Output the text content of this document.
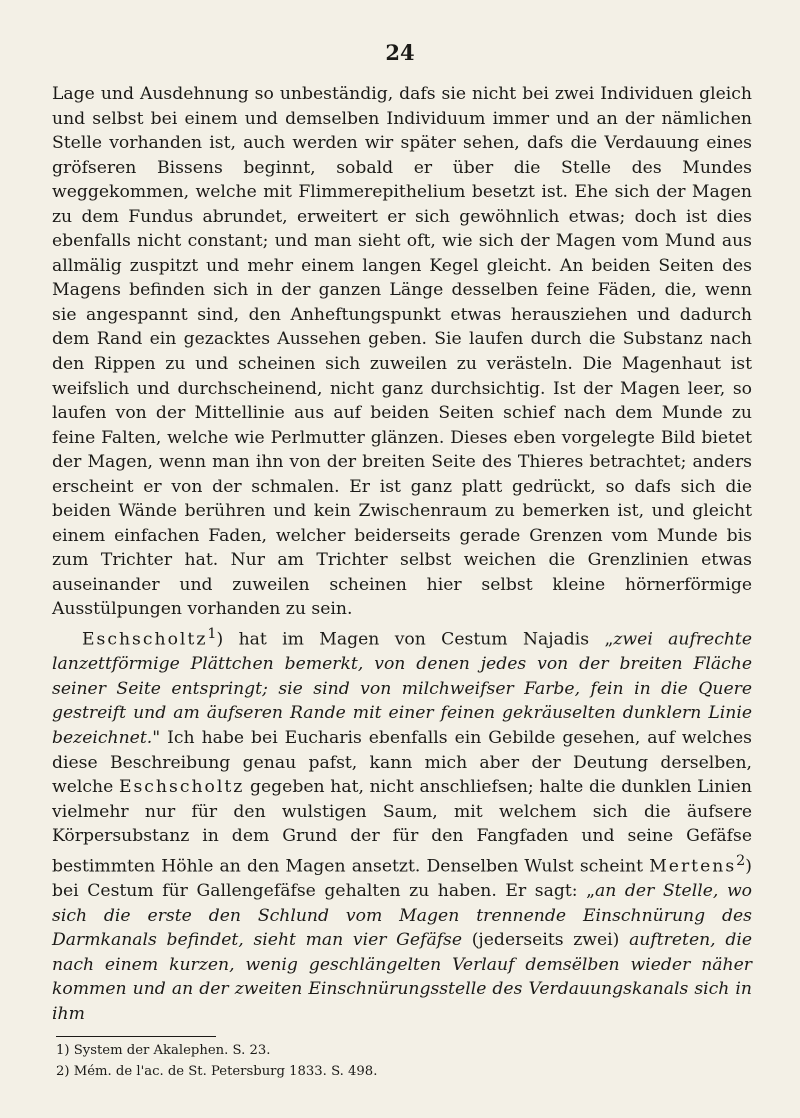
24

Lage und Ausdehnung so unbeständig, dafs sie nicht bei zwei Individuen gleich und selbst bei einem und demselben Individuum immer und an der nämlichen Stelle vorhanden ist, auch werden wir später sehen, dafs die Verdauung eines gröfseren Bissens beginnt, sobald er über die Stelle des Mundes weggekommen, welche mit Flimmerepithelium besetzt ist. Ehe sich der Magen zu dem Fundus abrundet, erweitert er sich gewöhnlich etwas; doch ist dies ebenfalls nicht constant; und man sieht oft, wie sich der Magen vom Mund aus allmälig zuspitzt und mehr einem langen Kegel gleicht. An beiden Seiten des Magens befinden sich in der ganzen Länge desselben feine Fäden, die, wenn sie angespannt sind, den Anheftungspunkt etwas herausziehen und dadurch dem Rand ein gezacktes Aussehen geben. Sie laufen durch die Substanz nach den Rippen zu und scheinen sich zuweilen zu verästeln. Die Magenhaut ist weifslich und durchscheinend, nicht ganz durchsichtig. Ist der Magen leer, so laufen von der Mittellinie aus auf beiden Seiten schief nach dem Munde zu feine Falten, welche wie Perlmutter glänzen. Dieses eben vorgelegte Bild bietet der Magen, wenn man ihn von der breiten Seite des Thieres betrachtet; anders erscheint er von der schmalen. Er ist ganz platt gedrückt, so dafs sich die beiden Wände berühren und kein Zwischenraum zu bemerken ist, und gleicht einem einfachen Faden, welcher beiderseits gerade Grenzen vom Munde bis zum Trichter hat. Nur am Trichter selbst weichen die Grenzlinien etwas auseinander und zuweilen scheinen hier selbst kleine hörnerförmige Ausstülpungen vorhanden zu sein.

Eschscholtz$^1$) hat im Magen von Cestum Najadis „zwei aufrechte lanzettförmige Plättchen bemerkt, von denen jedes von der breiten Fläche seiner Seite entspringt; sie sind von milchweifser Farbe, fein in die Quere gestreift und am äufseren Rande mit einer feinen gekräuselten dunklern Linie bezeichnet." Ich habe bei Eucharis ebenfalls ein Gebilde gesehen, auf welches diese Beschreibung genau pafst, kann mich aber der Deutung derselben, welche Eschscholtz gegeben hat, nicht anschliefsen; halte die dunklen Linien vielmehr nur für den wulstigen Saum, mit welchem sich die äufsere Körpersubstanz in dem Grund der für den Fangfaden und seine Gefäfse bestimmten Höhle an den Magen ansetzt. Denselben Wulst scheint Mertens$^2$) bei Cestum für Gallengefäfse gehalten zu haben. Er sagt: „an der Stelle, wo sich die erste den Schlund vom Magen trennende Einschnürung des Darmkanals befindet, sieht man vier Gefäfse (jederseits zwei) auftreten, die nach einem kurzen, wenig geschlängelten Verlauf demsëlben wieder näher kommen und an der zweiten Einschnürungsstelle des Verdauungskanals sich in ihm

1) System der Akalephen. S. 23.
2) Mém. de l'ac. de St. Petersburg 1833. S. 498.
